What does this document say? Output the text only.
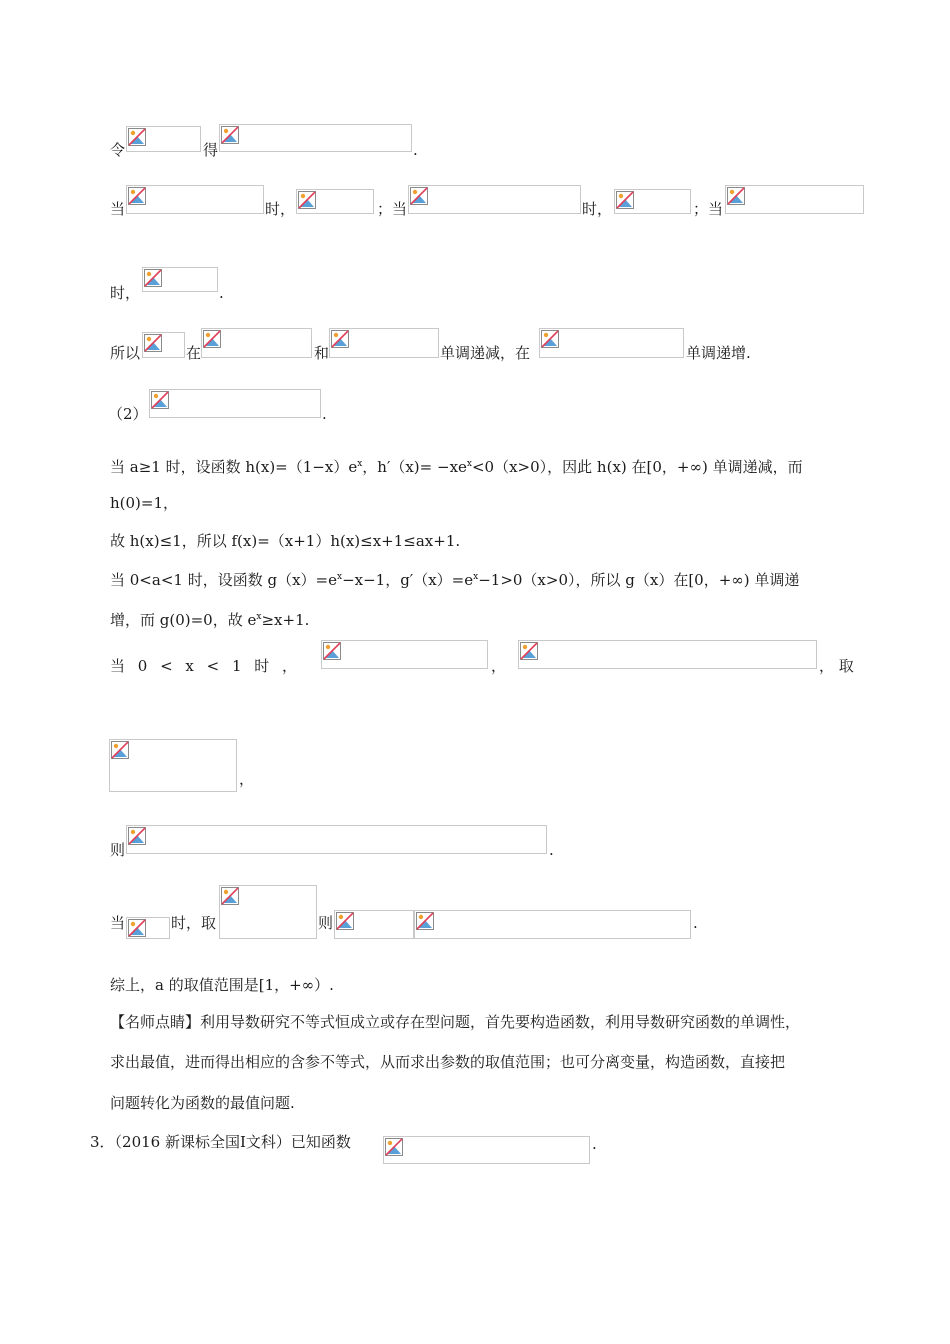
令	得	.
当	时，	；当	时，	；当
时，	.
所以	在	和	单调递减，在	单调递增.
（2）	.
当 a≥1 时，设函数 $h(x)=(1-x)e^x$，$h'(x)= -xe^x<0(x>0)$，因此 h(x) 在[0，+∞) 单调递减，而
h(0)=1，
故 h(x)≤1，所以 f(x)=（x+1）h(x)≤x+1≤ax+1.
当 0<a<1 时，设函数 $g(x)=e^x-x-1$，$g'(x)=e^x-1>0(x>0)$，所以 g（x）在[0，+∞) 单调递
增，而 g(0)=0，故 $e^x\ge x+1$.
当 0 < x < 1 时 ，	，	， 取
，
则	.
当	时，取	则	.
综上，a 的取值范围是[1，+∞）.
【名师点睛】利用导数研究不等式恒成立或存在型问题，首先要构造函数，利用导数研究函数的单调性，
求出最值，进而得出相应的含参不等式，从而求出参数的取值范围；也可分离变量，构造函数，直接把
问题转化为函数的最值问题.
3．（2016 新课标全国Ⅰ文科）已知函数	.
